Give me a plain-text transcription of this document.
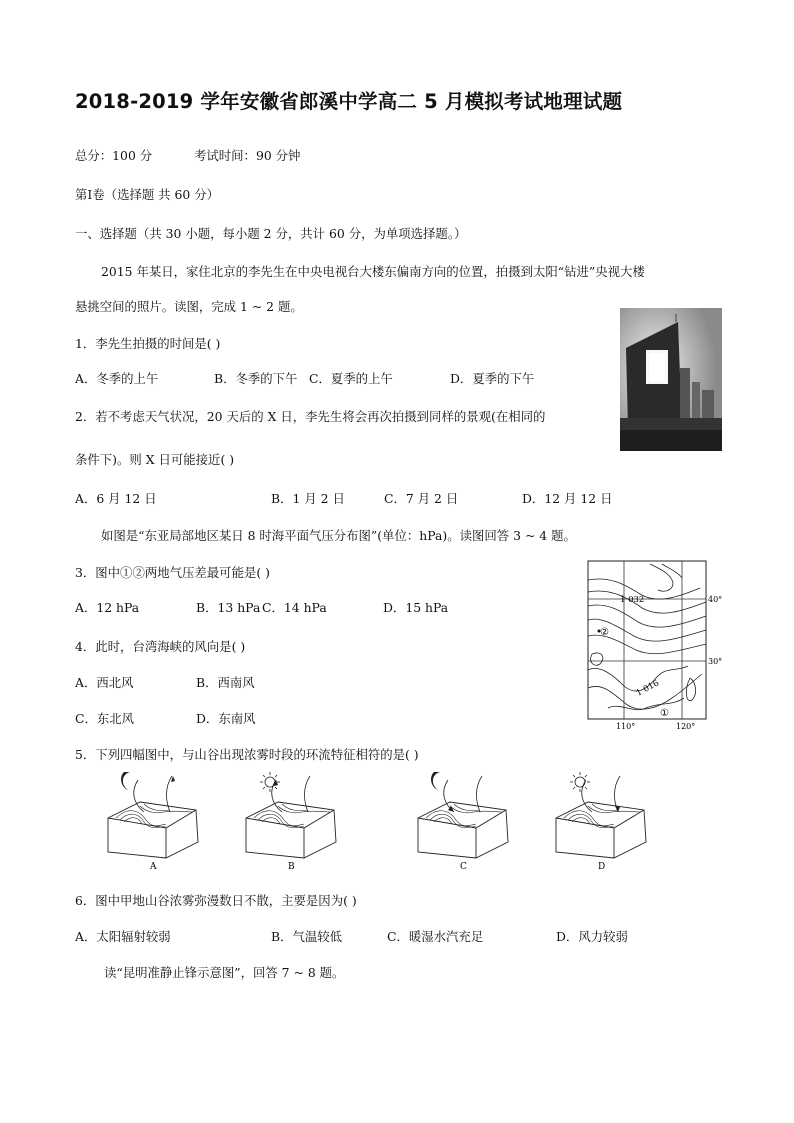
2018-2019 学年安徽省郎溪中学高二 5 月模拟考试地理试题
总分：100 分	考试时间：90 分钟
第Ⅰ卷（选择题 共 60 分）
一、选择题（共 30 小题，每小题 2 分，共计 60 分，为单项选择题。）
2015 年某日，家住北京的李先生在中央电视台大楼东偏南方向的位置，拍摄到太阳“钻进”央视大楼
悬挑空间的照片。读图，完成 1 ~ 2 题。
1．李先生拍摄的时间是( )
A．冬季的上午	B．冬季的下午 C．夏季的上午	D．夏季的下午
2．若不考虑天气状况，20 天后的 X 日，李先生将会再次拍摄到同样的景观(在相同的
条件下)。则 X 日可能接近( )
A．6 月 12 日	B．1 月 2 日	C．7 月 2 日	D．12 月 12 日
如图是“东亚局部地区某日 8 时海平面气压分布图”(单位：hPa)。读图回答 3 ~ 4 题。
②
1 032
1 016
①
40°
30°
110°	120°
3．图中①②两地气压差最可能是( )
A．12 hPa	B．13 hPa C．14 hPa	D．15 hPa
4．此时，台湾海峡的风向是( )
A．西北风	B．西南风
C．东北风	D．东南风
5．下列四幅图中，与山谷出现浓雾时段的环流特征相符的是( )
A	B	C	D
6．图中甲地山谷浓雾弥漫数日不散，主要是因为( )
A．太阳辐射较弱	B．气温较低	C．暖湿水汽充足	D．风力较弱
读“昆明准静止锋示意图”，回答 7 ~ 8 题。
